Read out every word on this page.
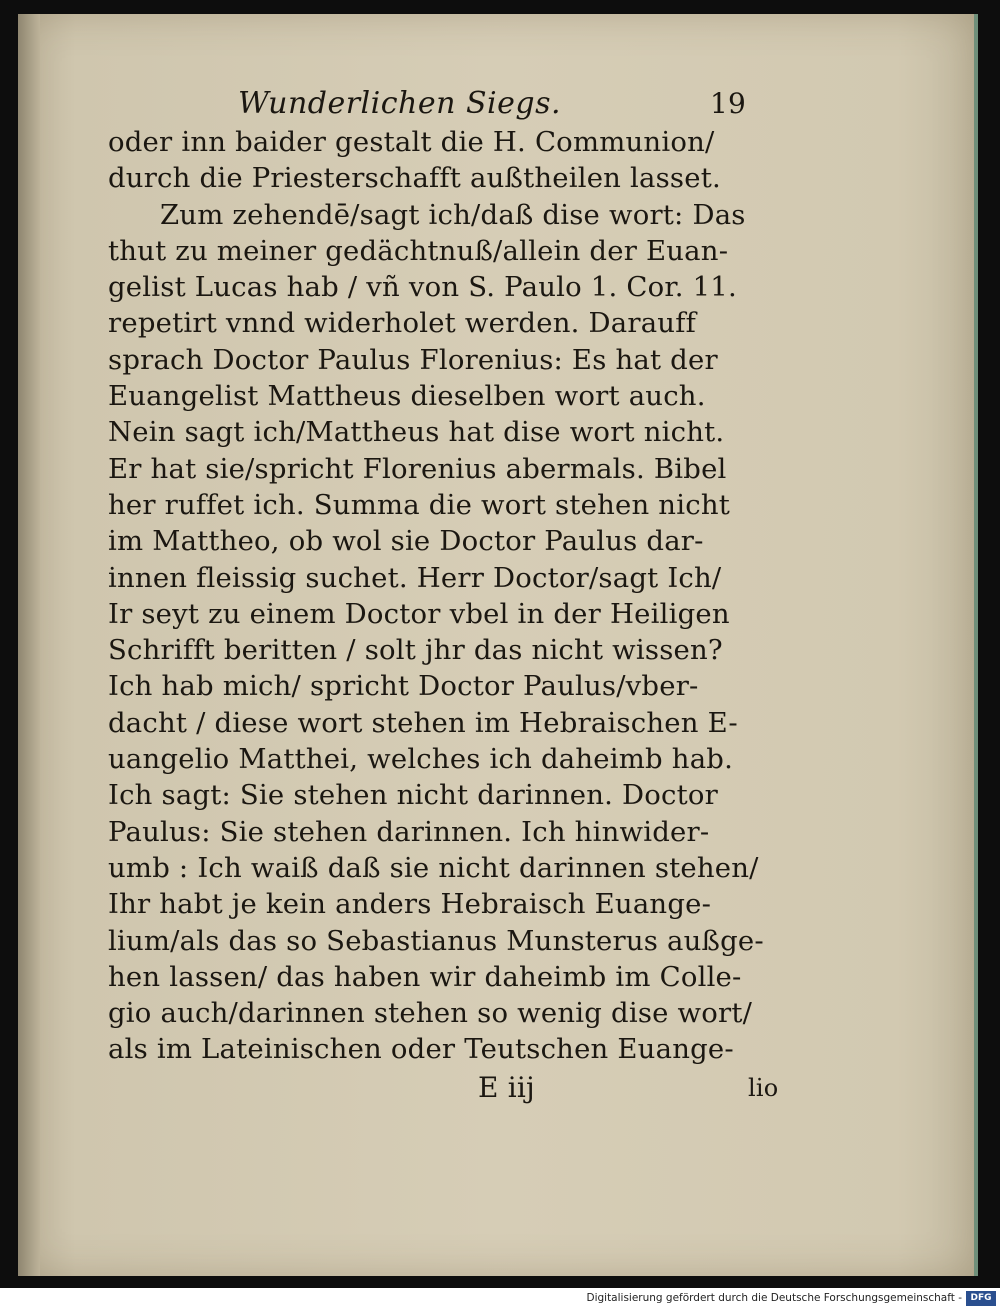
Wunderlichen Siegs.	19
oder inn baider gestalt die H. Communion/
durch die Priesterschafft außtheilen lasset.
Zum zehendē/sagt ich/daß dise wort: Das
thut zu meiner gedächtnuß/allein der Euan-
gelist Lucas hab / vñ von S. Paulo 1. Cor. 11.
repetirt vnnd widerholet werden. Darauff
sprach Doctor Paulus Florenius: Es hat der
Euangelist Mattheus dieselben wort auch.
Nein sagt ich/Mattheus hat dise wort nicht.
Er hat sie/spricht Florenius abermals. Bibel
her ruffet ich. Summa die wort stehen nicht
im Mattheo, ob wol sie Doctor Paulus dar-
innen fleissig suchet. Herr Doctor/sagt Ich/
Ir seyt zu einem Doctor vbel in der Heiligen
Schrifft beritten / solt jhr das nicht wissen?
Ich hab mich/ spricht Doctor Paulus/vber-
dacht / diese wort stehen im Hebraischen E-
uangelio Matthei, welches ich daheimb hab.
Ich sagt: Sie stehen nicht darinnen. Doctor
Paulus: Sie stehen darinnen. Ich hinwider-
umb : Ich waiß daß sie nicht darinnen stehen/
Ihr habt je kein anders Hebraisch Euange-
lium/als das so Sebastianus Munsterus außge-
hen lassen/ das haben wir daheimb im Colle-
gio auch/darinnen stehen so wenig dise wort/
als im Lateinischen oder Teutschen Euange-
E iij	lio
Digitalisierung gefördert durch die Deutsche Forschungsgemeinschaft - DFG
